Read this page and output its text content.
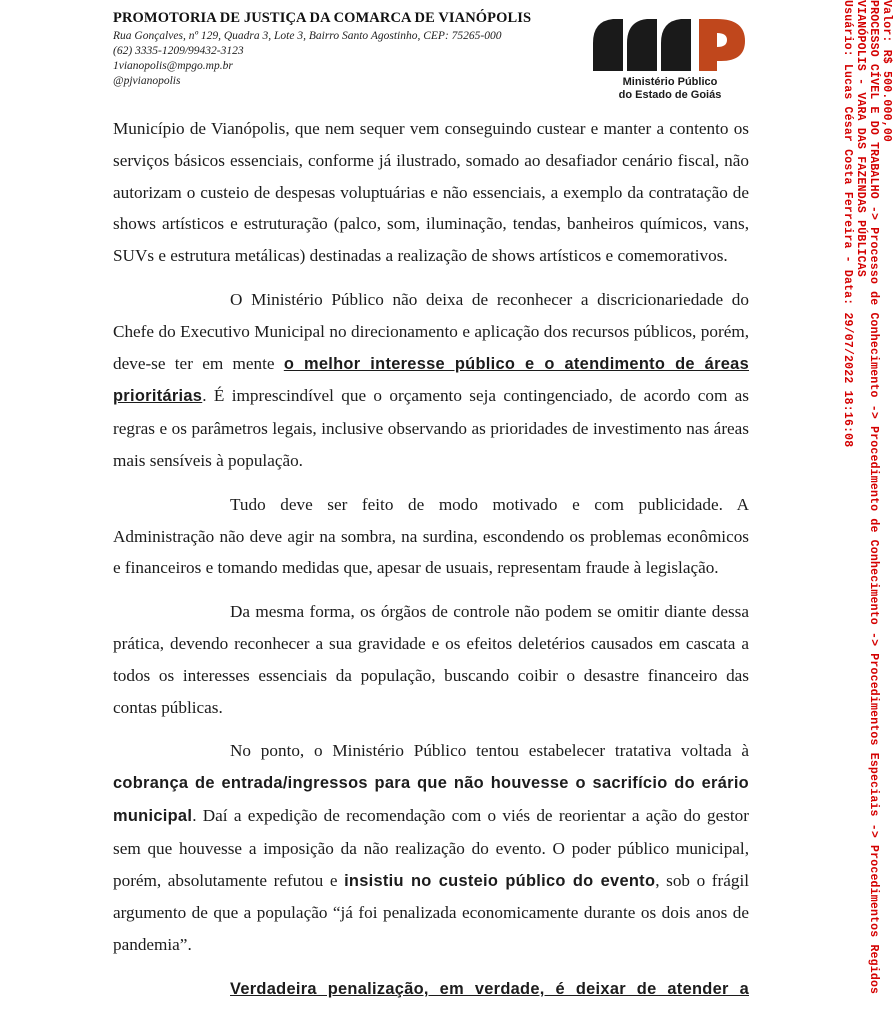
PROMOTORIA DE JUSTIÇA DA COMARCA DE VIANÓPOLIS
Rua Gonçalves, nº 129, Quadra 3, Lote 3, Bairro Santo Agostinho, CEP: 75265-000
(62) 3335-1209/99432-3123
1vianopolis@mpgo.mp.br
@pjvianopolis	Ministério Público
do Estado de Goiás

Município de Vianópolis, que nem sequer vem conseguindo custear e manter a contento os serviços básicos essenciais, conforme já ilustrado, somado ao desafiador cenário fiscal, não autorizam o custeio de despesas voluptuárias e não essenciais, a exemplo da contratação de shows artísticos e estruturação (palco, som, iluminação, tendas, banheiros químicos, vans, SUVs e estrutura metálicas) destinadas a realização de shows artísticos e comemorativos.

O Ministério Público não deixa de reconhecer a discricionariedade do Chefe do Executivo Municipal no direcionamento e aplicação dos recursos públicos, porém, deve-se ter em mente o melhor interesse público e o atendimento de áreas prioritárias. É imprescindível que o orçamento seja contingenciado, de acordo com as regras e os parâmetros legais, inclusive observando as prioridades de investimento nas áreas mais sensíveis à população.

Tudo deve ser feito de modo motivado e com publicidade. A Administração não deve agir na sombra, na surdina, escondendo os problemas econômicos e financeiros e tomando medidas que, apesar de usuais, representam fraude à legislação.

Da mesma forma, os órgãos de controle não podem se omitir diante dessa prática, devendo reconhecer a sua gravidade e os efeitos deletérios causados em cascata a todos os interesses essenciais da população, buscando coibir o desastre financeiro das contas públicas.

No ponto, o Ministério Público tentou estabelecer tratativa voltada à cobrança de entrada/ingressos para que não houvesse o sacrifício do erário municipal. Daí a expedição de recomendação com o viés de reorientar a ação do gestor sem que houvesse a imposição da não realização do evento. O poder público municipal, porém, absolutamente refutou e insistiu no custeio público do evento, sob o frágil argumento de que a população “já foi penalizada economicamente durante os dois anos de pandemia”.

Verdadeira penalização, em verdade, é deixar de atender a

Valor: R$ 500.000,00
PROCESSO CÍVEL E DO TRABALHO -> Processo de Conhecimento -> Procedimento de Conhecimento -> Procedimentos Especiais -> Procedimentos Regidos
VIANÓPOLIS - VARA DAS FAZENDAS PÚBLICAS
Usuário: Lucas César Costa Ferreira - Data: 29/07/2022 18:16:08
